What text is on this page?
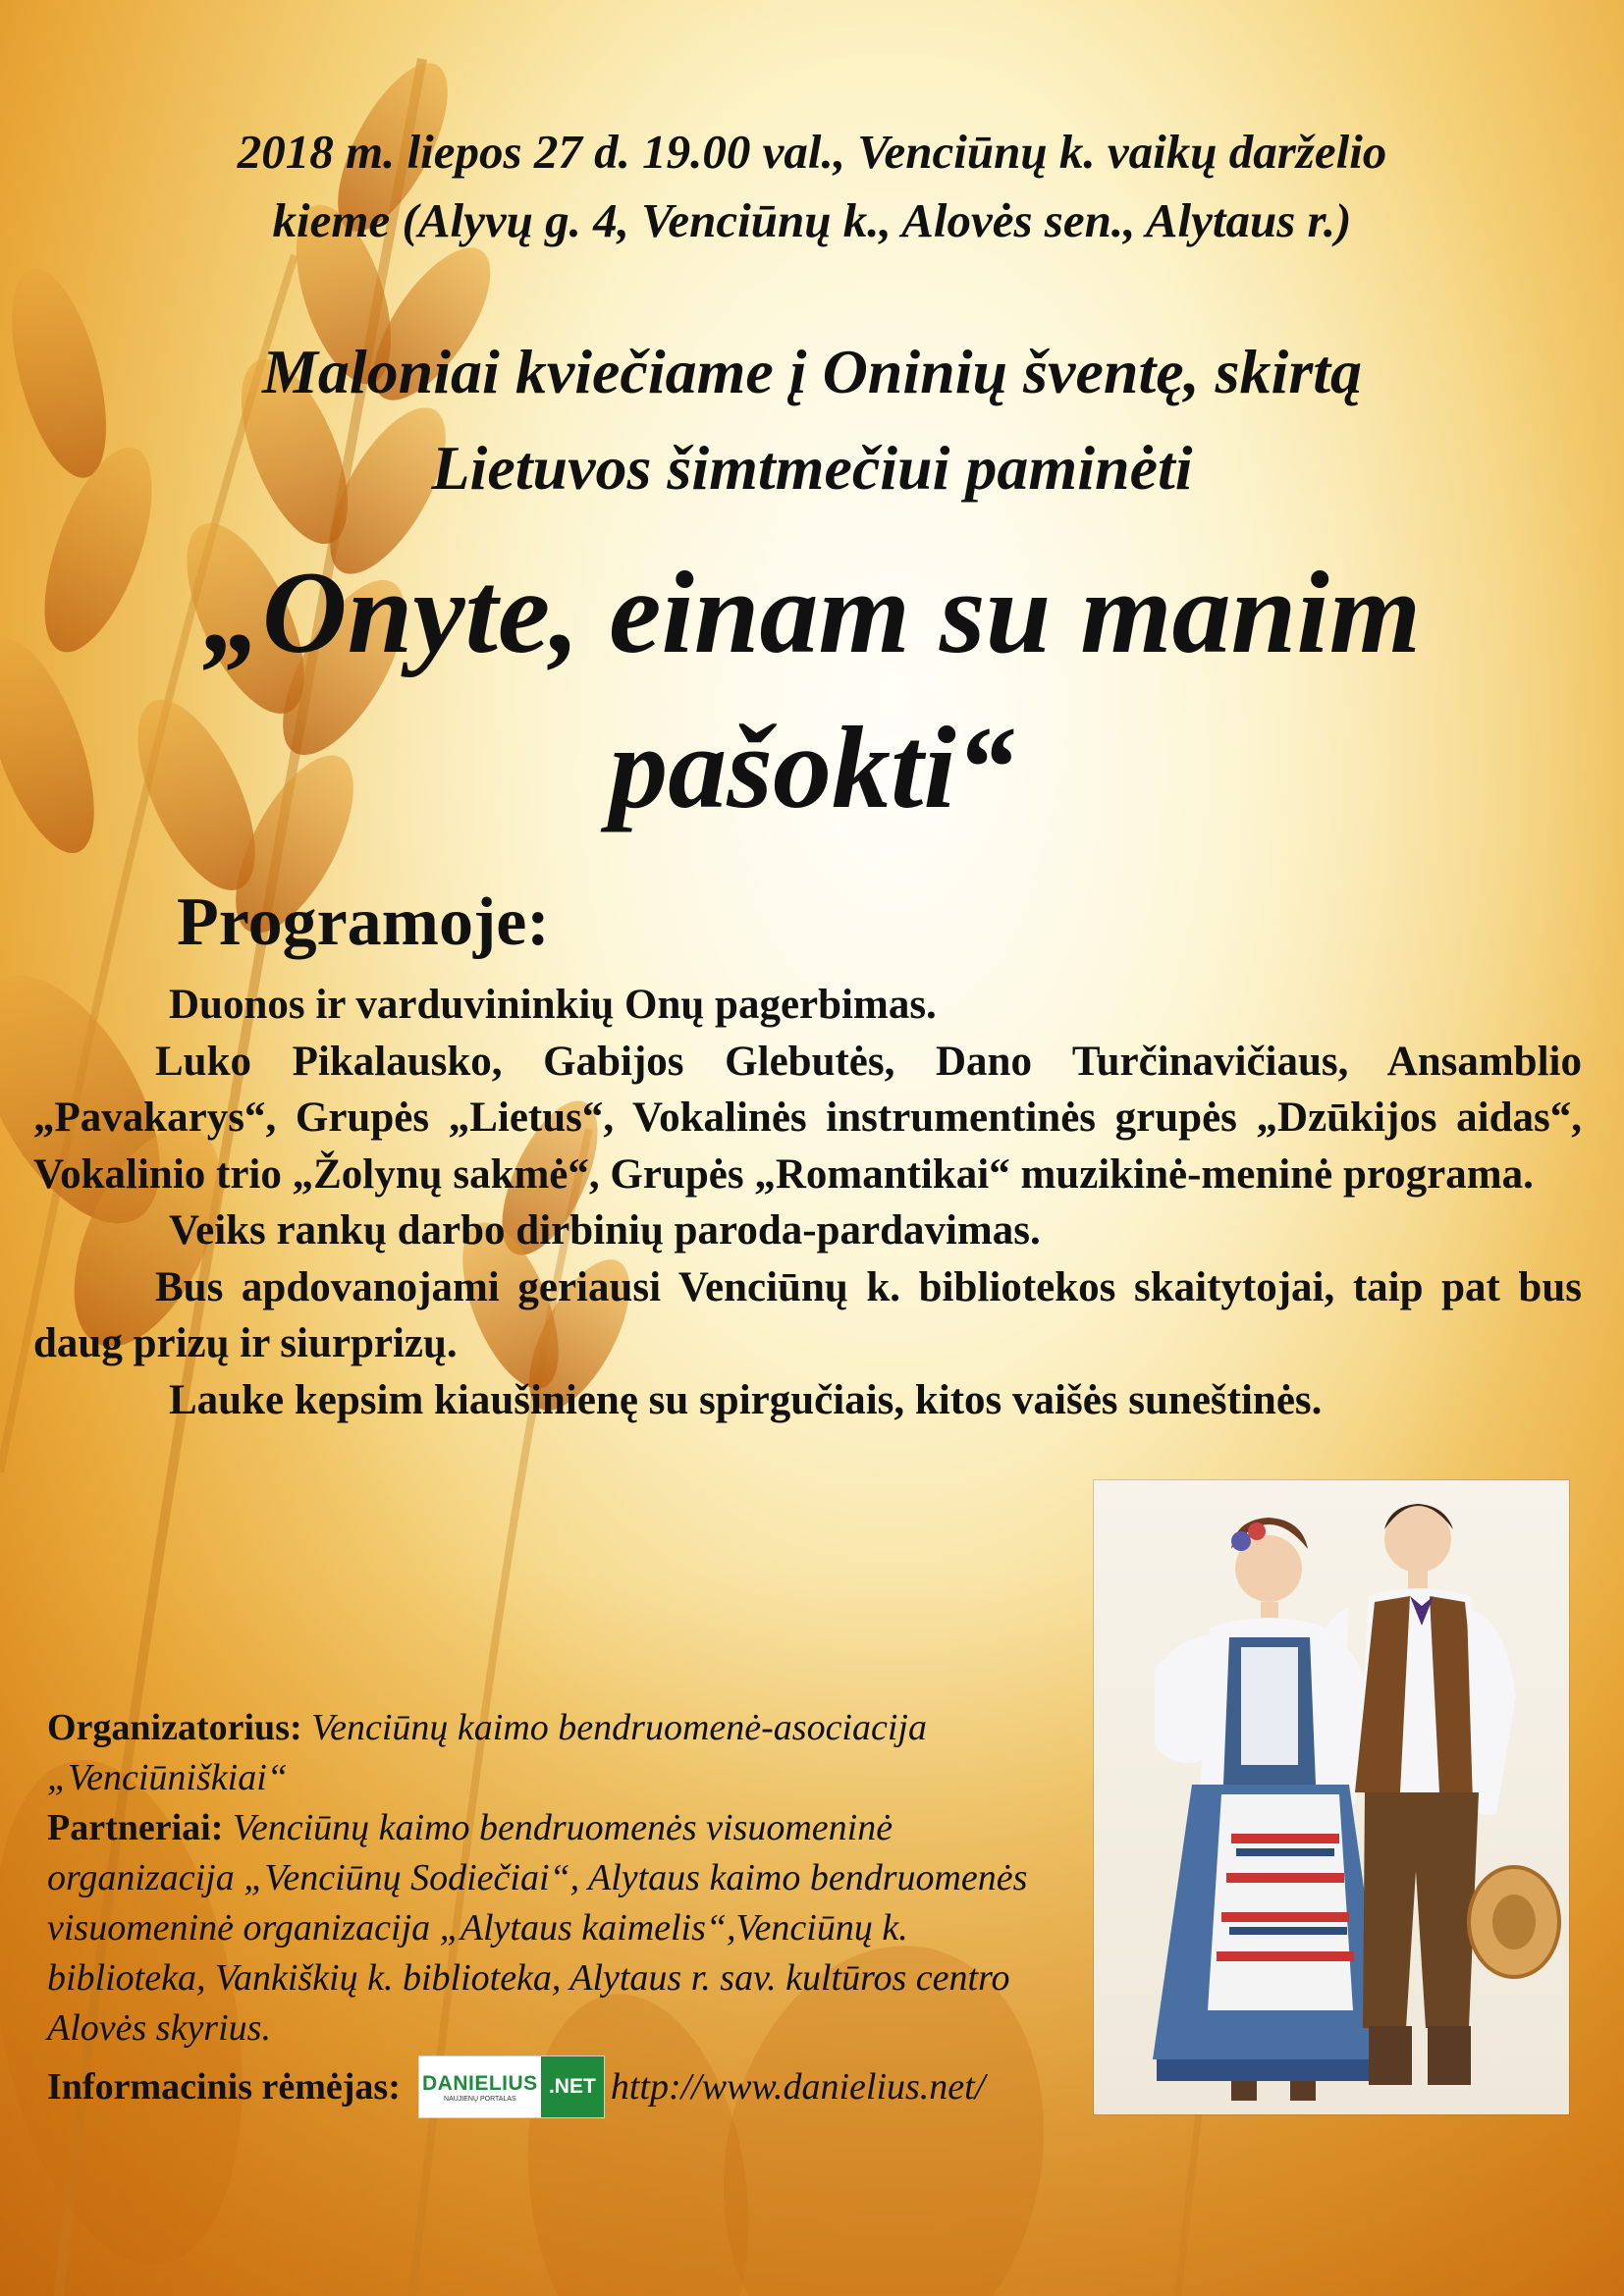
2018 m. liepos 27 d. 19.00 val., Venciūnų k. vaikų darželio
kieme (Alyvų g. 4, Venciūnų k., Alovės sen., Alytaus r.)
Maloniai kviečiame į Oninių šventę, skirtą
Lietuvos šimtmečiui paminėti
„Onyte, einam su manim
pašokti“
Programoje:

Duonos ir varduvininkių Onų pagerbimas.

Luko Pikalausko, Gabijos Glebutės, Dano Turčinavičiaus, Ansamblio „Pavakarys“, Grupės „Lietus“, Vokalinės instrumentinės grupės „Dzūkijos aidas“, Vokalinio trio „Žolynų sakmė“, Grupės „Romantikai“ muzikinė-meninė programa.

Veiks rankų darbo dirbinių paroda-pardavimas.

Bus apdovanojami geriausi Venciūnų k. bibliotekos skaitytojai, taip pat bus daug prizų ir siurprizų.

Lauke kepsim kiaušinienę su spirgučiais, kitos vaišės suneštinės.

Organizatorius: Venciūnų kaimo bendruomenė-asociacija „Venciūniškiai“
Partneriai: Venciūnų kaimo bendruomenės visuomeninė organizacija „Venciūnų Sodiečiai“, Alytaus kaimo bendruomenės visuomeninė organizacija „Alytaus kaimelis“,Venciūnų k. biblioteka, Vankiškių k. biblioteka, Alytaus r. sav. kultūros centro Alovės skyrius.
Informacinis rėmėjas: DANIELIUS
NAUJIENŲ PORTALAS
.NET http://www.danielius.net/
